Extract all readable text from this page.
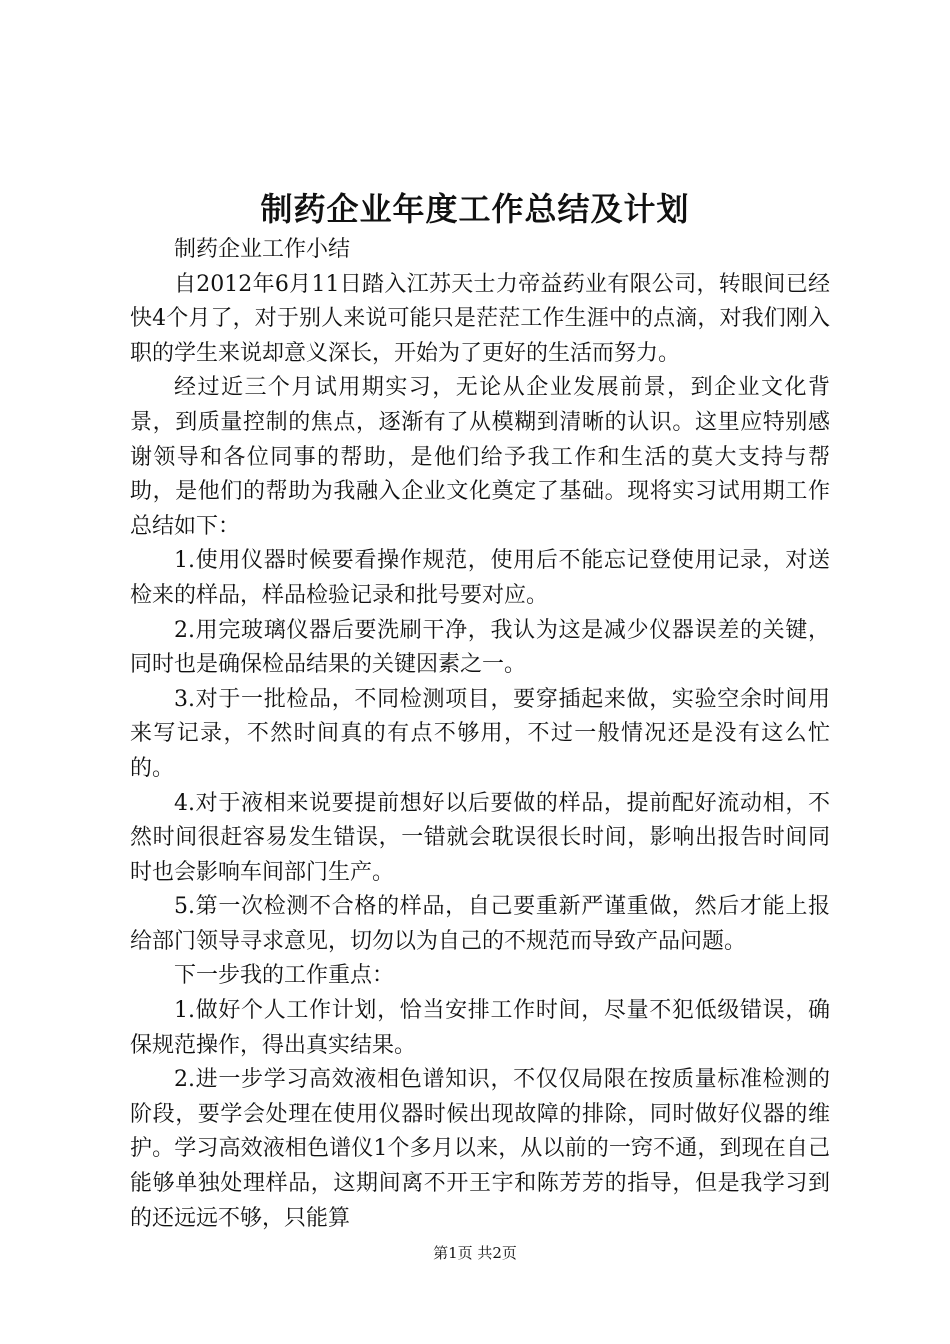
制药企业年度工作总结及计划

制药企业工作小结

自2012年6月11日踏入江苏天士力帝益药业有限公司，转眼间已经快4个月了，对于别人来说可能只是茫茫工作生涯中的点滴，对我们刚入职的学生来说却意义深长，开始为了更好的生活而努力。

经过近三个月试用期实习，无论从企业发展前景，到企业文化背景，到质量控制的焦点，逐渐有了从模糊到清晰的认识。这里应特别感谢领导和各位同事的帮助，是他们给予我工作和生活的莫大支持与帮助，是他们的帮助为我融入企业文化奠定了基础。现将实习试用期工作总结如下：

1.使用仪器时候要看操作规范，使用后不能忘记登使用记录，对送检来的样品，样品检验记录和批号要对应。

2.用完玻璃仪器后要洗刷干净，我认为这是减少仪器误差的关键，同时也是确保检品结果的关键因素之一。

3.对于一批检品，不同检测项目，要穿插起来做，实验空余时间用来写记录，不然时间真的有点不够用，不过一般情况还是没有这么忙的。

4.对于液相来说要提前想好以后要做的样品，提前配好流动相，不然时间很赶容易发生错误，一错就会耽误很长时间，影响出报告时间同时也会影响车间部门生产。

5.第一次检测不合格的样品，自己要重新严谨重做，然后才能上报给部门领导寻求意见，切勿以为自己的不规范而导致产品问题。

下一步我的工作重点：

1.做好个人工作计划，恰当安排工作时间，尽量不犯低级错误，确保规范操作，得出真实结果。

2.进一步学习高效液相色谱知识，不仅仅局限在按质量标准检测的阶段，要学会处理在使用仪器时候出现故障的排除，同时做好仪器的维护。学习高效液相色谱仪1个多月以来，从以前的一窍不通，到现在自己能够单独处理样品，这期间离不开王宇和陈芳芳的指导，但是我学习到的还远远不够，只能算

第1页 共2页
